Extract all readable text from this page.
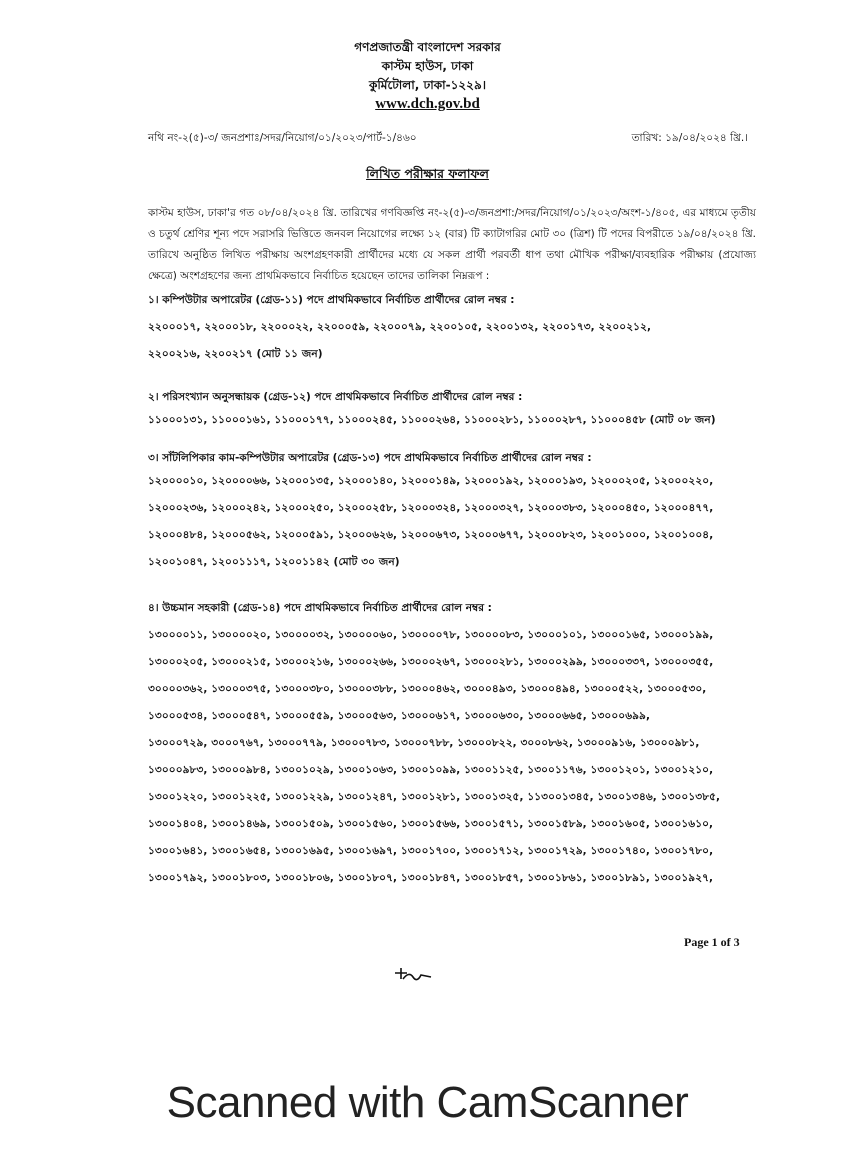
গণপ্রজাতন্ত্রী বাংলাদেশ সরকার
কাস্টম হাউস, ঢাকা
কুর্মিটোলা, ঢাকা-১২২৯।
www.dch.gov.bd
নথি নং-২(৫)-৩/ জনপ্রশাঃ/সদর/নিয়োগ/০১/২০২৩/পার্ট-১/৪৬০	তারিখ: ১৯/০৪/২০২৪ খ্রি.।
লিখিত পরীক্ষার ফলাফল
কাস্টম হাউস, ঢাকা'র গত ০৮/০৪/২০২৪ খ্রি. তারিখের গণবিজ্ঞপ্তি নং-২(৫)-৩/জনপ্রশা:/সদর/নিয়োগ/০১/২০২৩/অংশ-১/৪০৫, এর মাধ্যমে তৃতীয় ও চতুর্থ শ্রেণির শূন্য পদে সরাসরি ভিত্তিতে জনবল নিয়োগের লক্ষ্যে ১২ (বার) টি ক্যাটাগরির মোট ৩০ (ত্রিশ) টি পদের বিপরীতে ১৯/০৪/২০২৪ খ্রি. তারিখে অনুষ্ঠিত লিখিত পরীক্ষায় অংশগ্রহণকারী প্রার্থীদের মধ্যে যে সকল প্রার্থী পরবর্তী ধাপ তথা মৌখিক পরীক্ষা/ব্যবহারিক পরীক্ষায় (প্রযোজ্য ক্ষেত্রে) অংশগ্রহণের জন্য প্রাথমিকভাবে নির্বাচিত হয়েছেন তাদের তালিকা নিম্নরূপ :
১। কম্পিউটার অপারেটর (গ্রেড-১১) পদে প্রাথমিকভাবে নির্বাচিত প্রার্থীদের রোল নম্বর :
২২০০০১৭, ২২০০০১৮, ২২০০০২২, ২২০০০৫৯, ২২০০০৭৯, ২২০০১০৫, ২২০০১৩২, ২২০০১৭৩, ২২০০২১২,
২২০০২১৬, ২২০০২১৭ (মোট ১১ জন)
২। পরিসংখ্যান অনুসন্ধায়ক (গ্রেড-১২) পদে প্রাথমিকভাবে নির্বাচিত প্রার্থীদের রোল নম্বর :
১১০০০১৩১, ১১০০০১৬১, ১১০০০১৭৭, ১১০০০২৪৫, ১১০০০২৬৪, ১১০০০২৮১, ১১০০০২৮৭, ১১০০০৪৫৮ (মোট ০৮ জন)
৩। সাঁটলিপিকার কাম-কম্পিউটার অপারেটর (গ্রেড-১৩) পদে প্রাথমিকভাবে নির্বাচিত প্রার্থীদের রোল নম্বর :
১২০০০০১০, ১২০০০০৬৬, ১২০০০১৩৫, ১২০০০১৪০, ১২০০০১৪৯, ১২০০০১৯২, ১২০০০১৯৩, ১২০০০২০৫, ১২০০০২২০,
১২০০০২৩৬, ১২০০০২৪২, ১২০০০২৫০, ১২০০০২৫৮, ১২০০০৩২৪, ১২০০০৩২৭, ১২০০০৩৮৩, ১২০০০৪৫০, ১২০০০৪৭৭,
১২০০০৪৮৪, ১২০০০৫৬২, ১২০০০৫৯১, ১২০০০৬২৬, ১২০০০৬৭৩, ১২০০০৬৭৭, ১২০০০৮২৩, ১২০০১০০০, ১২০০১০০৪,
১২০০১০৪৭, ১২০০১১১৭, ১২০০১১৪২ (মোট ৩০ জন)
৪। উচ্চমান সহকারী (গ্রেড-১৪) পদে প্রাথমিকভাবে নির্বাচিত প্রার্থীদের রোল নম্বর :
১৩০০০০১১, ১৩০০০০২০, ১৩০০০০৩২, ১৩০০০০৬০, ১৩০০০০৭৮, ১৩০০০০৮৩, ১৩০০০১০১, ১৩০০০১৬৫, ১৩০০০১৯৯,
১৩০০০২০৫, ১৩০০০২১৫, ১৩০০০২১৬, ১৩০০০২৬৬, ১৩০০০২৬৭, ১৩০০০২৮১, ১৩০০০২৯৯, ১৩০০০৩৩৭, ১৩০০০৩৫৫,
৩০০০০৩৬২, ১৩০০০৩৭৫, ১৩০০০৩৮০, ১৩০০০৩৮৮, ১৩০০০৪৬২, ৩০০০৪৯৩, ১৩০০০৪৯৪, ১৩০০০৫২২, ১৩০০০৫৩০,
১৩০০০৫৩৪, ১৩০০০৫৪৭, ১৩০০০৫৫৯, ১৩০০০৫৬৩, ১৩০০০৬১৭, ১৩০০০৬৩০, ১৩০০০৬৬৫, ১৩০০০৬৯৯,
১৩০০০৭২৯, ৩০০০৭৬৭, ১৩০০০৭৭৯, ১৩০০০৭৮৩, ১৩০০০৭৮৮, ১৩০০০৮২২, ৩০০০৮৬২, ১৩০০০৯১৬, ১৩০০০৯৮১,
১৩০০০৯৮৩, ১৩০০০৯৮৪, ১৩০০১০২৯, ১৩০০১০৬৩, ১৩০০১০৯৯, ১৩০০১১২৫, ১৩০০১১৭৬, ১৩০০১২০১, ১৩০০১২১০,
১৩০০১২২০, ১৩০০১২২৫, ১৩০০১২২৯, ১৩০০১২৪৭, ১৩০০১২৮১, ১৩০০১৩২৫, ১১৩০০১৩৪৫, ১৩০০১৩৪৬, ১৩০০১৩৮৫,
১৩০০১৪০৪, ১৩০০১৪৬৯, ১৩০০১৫০৯, ১৩০০১৫৬০, ১৩০০১৫৬৬, ১৩০০১৫৭১, ১৩০০১৫৮৯, ১৩০০১৬০৫, ১৩০০১৬১০,
১৩০০১৬৪১, ১৩০০১৬৫৪, ১৩০০১৬৯৫, ১৩০০১৬৯৭, ১৩০০১৭০০, ১৩০০১৭১২, ১৩০০১৭২৯, ১৩০০১৭৪০, ১৩০০১৭৮০,
১৩০০১৭৯২, ১৩০০১৮০৩, ১৩০০১৮০৬, ১৩০০১৮০৭, ১৩০০১৮৪৭, ১৩০০১৮৫৭, ১৩০০১৮৬১, ১৩০০১৮৯১, ১৩০০১৯২৭,
Page 1 of 3
Scanned with CamScanner
